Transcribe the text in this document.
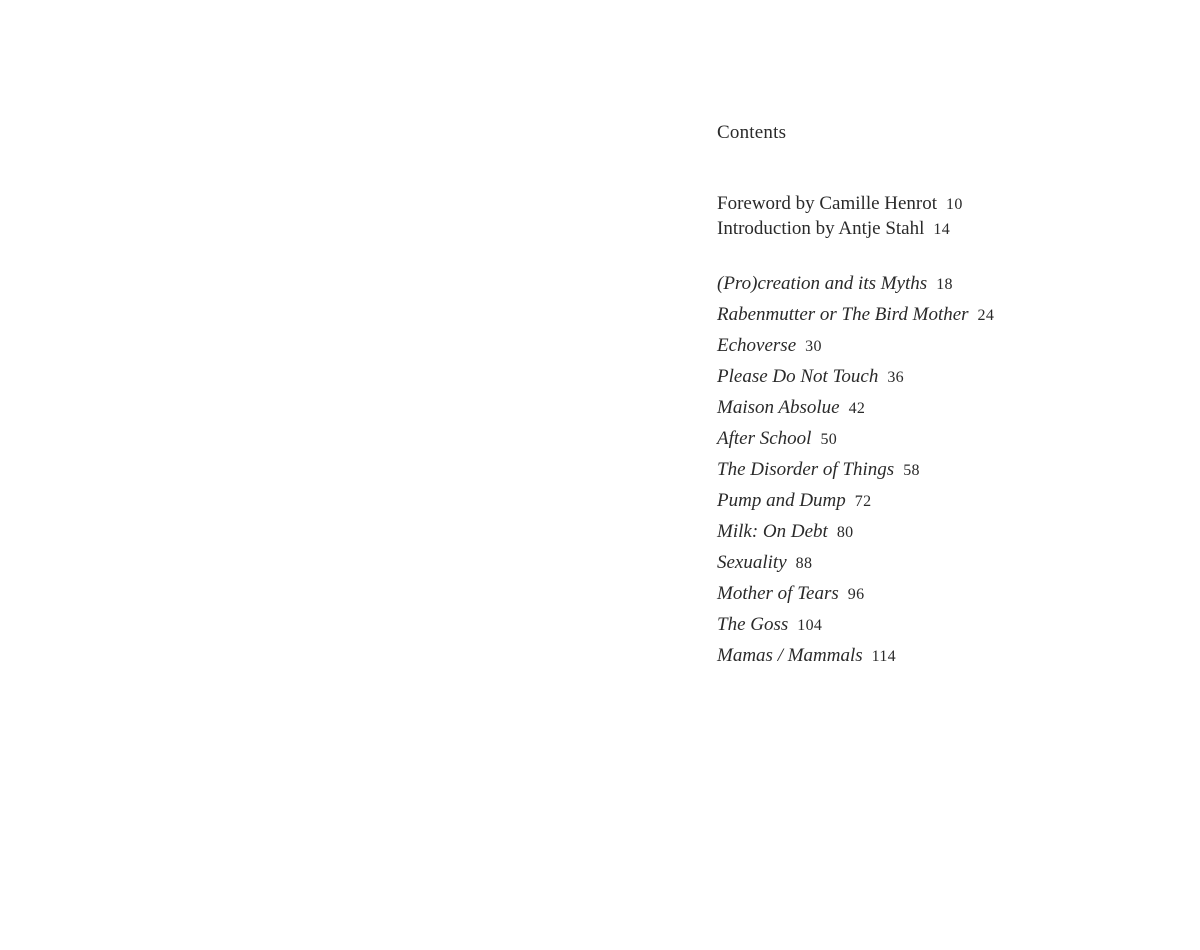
Contents
Foreword by Camille Henrot 10
Introduction by Antje Stahl 14
(Pro)creation and its Myths 18
Rabenmutter or The Bird Mother 24
Echoverse 30
Please Do Not Touch 36
Maison Absolue 42
After School 50
The Disorder of Things 58
Pump and Dump 72
Milk: On Debt 80
Sexuality 88
Mother of Tears 96
The Goss 104
Mamas / Mammals 114
